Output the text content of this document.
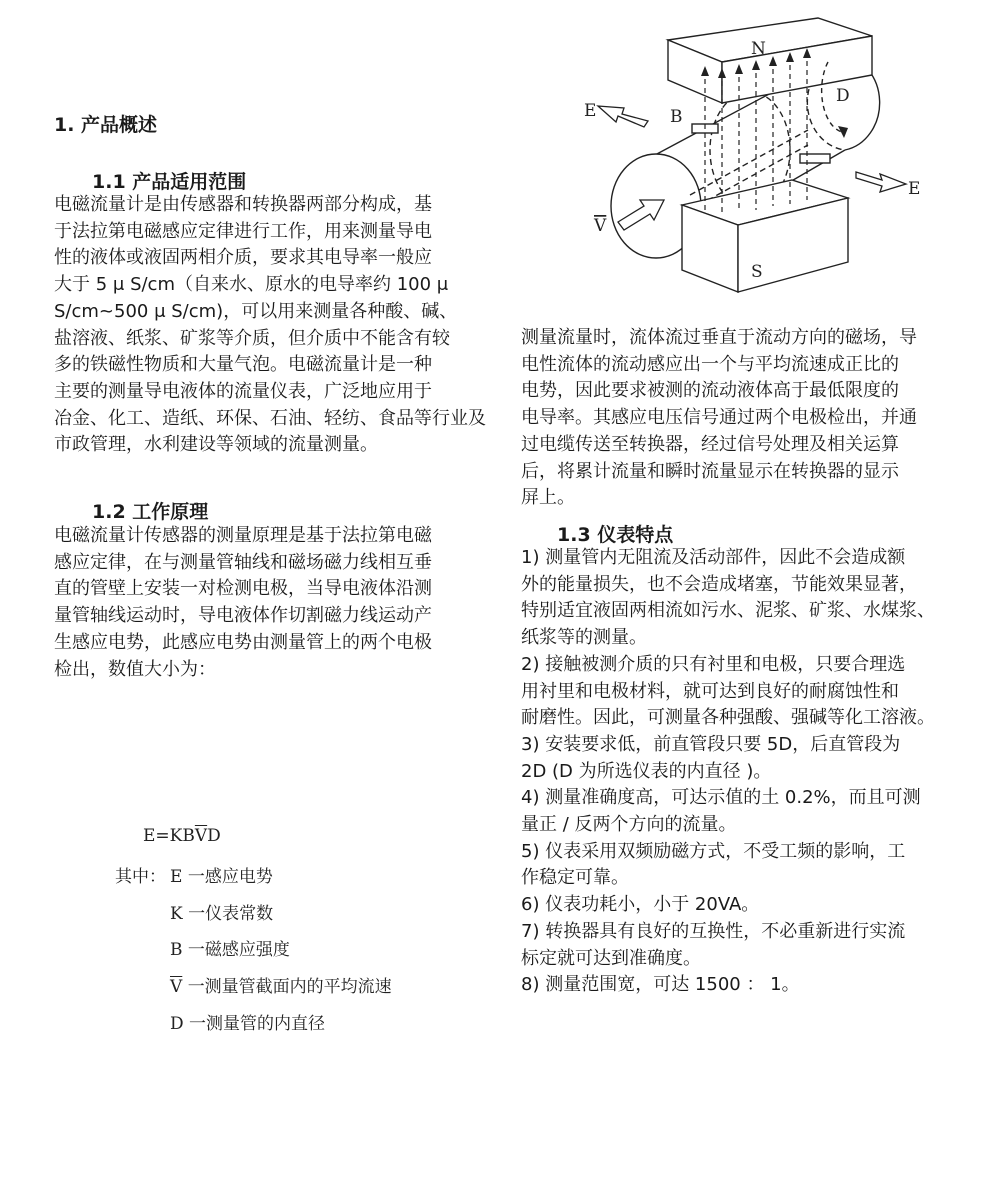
1. 产品概述
1.1 产品适用范围
电磁流量计是由传感器和转换器两部分构成，基
于法拉第电磁感应定律进行工作，用来测量导电
性的液体或液固两相介质，要求其电导率一般应
大于 5 μ S/cm（自来水、原水的电导率约 100 μ
S/cm~500 μ S/cm)，可以用来测量各种酸、碱、
盐溶液、纸浆、矿浆等介质，但介质中不能含有较
多的铁磁性物质和大量气泡。电磁流量计是一种
主要的测量导电液体的流量仪表，广泛地应用于
冶金、化工、造纸、环保、石油、轻纺、食品等行业及
市政管理，水利建设等领域的流量测量。
1.2 工作原理
电磁流量计传感器的测量原理是基于法拉第电磁
感应定律，在与测量管轴线和磁场磁力线相互垂
直的管壁上安装一对检测电极，当导电液体沿测
量管轴线运动时，导电液体作切割磁力线运动产
生感应电势，此感应电势由测量管上的两个电极
检出，数值大小为：
$E=KB\overline{V}D$
其中： E 一感应电势
K 一仪表常数
B 一磁感应强度
$\overline{V}$ 一测量管截面内的平均流速
D 一测量管的内直径
N
S
E
E
B
D
V
测量流量时，流体流过垂直于流动方向的磁场，导
电性流体的流动感应出一个与平均流速成正比的
电势，因此要求被测的流动液体高于最低限度的
电导率。其感应电压信号通过两个电极检出，并通
过电缆传送至转换器，经过信号处理及相关运算
后，将累计流量和瞬时流量显示在转换器的显示
屏上。
1.3 仪表特点
1) 测量管内无阻流及活动部件，因此不会造成额
外的能量损失，也不会造成堵塞，节能效果显著，
特别适宜液固两相流如污水、泥浆、矿浆、水煤浆、
纸浆等的测量。
2) 接触被测介质的只有衬里和电极，只要合理选
用衬里和电极材料，就可达到良好的耐腐蚀性和
耐磨性。因此，可测量各种强酸、强碱等化工溶液。
3) 安装要求低，前直管段只要 5D，后直管段为
2D (D 为所选仪表的内直径 )。
4) 测量准确度高，可达示值的土 0.2%，而且可测
量正 / 反两个方向的流量。
5) 仪表采用双频励磁方式，不受工频的影响，工
作稳定可靠。
6) 仪表功耗小，小于 20VA。
7) 转换器具有良好的互换性，不必重新进行实流
标定就可达到准确度。
8) 测量范围宽，可达 1500 ： 1。
